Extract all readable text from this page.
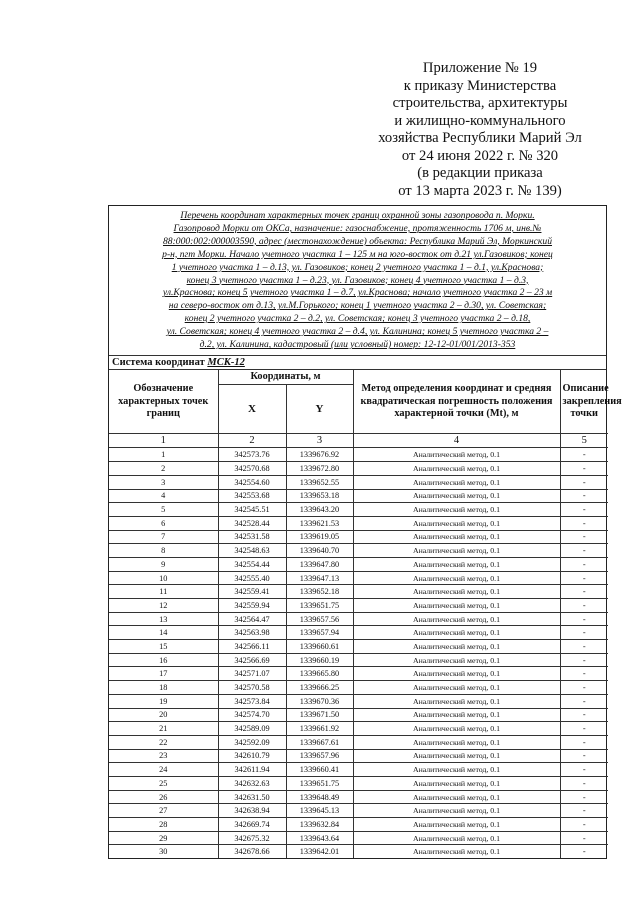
Приложение № 19
к приказу Министерства
строительства, архитектуры
и жилищно-коммунального
хозяйства Республики Марий Эл
от 24 июня 2022 г. № 320
(в редакции приказа
от 13 марта 2023 г. № 139)
Перечень координат характерных точек границ охранной зоны газопровода п. Морки.
Газопровод Морки от ОКСа, назначение: газоснабжение, протяженность 1706 м, инв.№
88:000:002:000003590, адрес (местонахождение) объекта: Республика Марий Эл, Моркинский
р-н, пгт Морки. Начало учетного участка 1 – 125 м на юго-восток от д.21 ул.Газовиков; конец
1 учетного участка 1 – д.13, ул. Газовиков; конец 2 учетного участка 1 – д.1, ул.Краснова;
конец 3 учетного участка 1 – д.23, ул. Газовиков; конец 4 учетного участка 1 – д.3,
ул.Краснова; конец 5 учетного участка 1 – д.7, ул.Краснова; начало учетного участка 2 – 23 м
на северо-восток от д.13, ул.М.Горького; конец 1 учетного участка 2 – д.30, ул. Советская;
конец 2 учетного участка 2 – д.2, ул. Советская; конец 3 учетного участка 2 – д.18,
ул. Советская; конец 4 учетного участка 2 – д.4, ул. Калинина; конец 5 учетного участка 2 –
д.2, ул. Калинина, кадастровый (или условный) номер: 12-12-01/001/2013-353
Система координат МСК-12
Обозначение характерных точек границ	Координаты, м		Метод определения координат и средняя квадратическая погрешность положения характерной точки (Mt), м	Описание закрепления точки
	X	Y		
1	2	3	4	5
1	342573.76	1339676.92	Аналитический метод, 0.1	-
2	342570.68	1339672.80	Аналитический метод, 0.1	-
3	342554.60	1339652.55	Аналитический метод, 0.1	-
4	342553.68	1339653.18	Аналитический метод, 0.1	-
5	342545.51	1339643.20	Аналитический метод, 0.1	-
6	342528.44	1339621.53	Аналитический метод, 0.1	-
7	342531.58	1339619.05	Аналитический метод, 0.1	-
8	342548.63	1339640.70	Аналитический метод, 0.1	-
9	342554.44	1339647.80	Аналитический метод, 0.1	-
10	342555.40	1339647.13	Аналитический метод, 0.1	-
11	342559.41	1339652.18	Аналитический метод, 0.1	-
12	342559.94	1339651.75	Аналитический метод, 0.1	-
13	342564.47	1339657.56	Аналитический метод, 0.1	-
14	342563.98	1339657.94	Аналитический метод, 0.1	-
15	342566.11	1339660.61	Аналитический метод, 0.1	-
16	342566.69	1339660.19	Аналитический метод, 0.1	-
17	342571.07	1339665.80	Аналитический метод, 0.1	-
18	342570.58	1339666.25	Аналитический метод, 0.1	-
19	342573.84	1339670.36	Аналитический метод, 0.1	-
20	342574.70	1339671.50	Аналитический метод, 0.1	-
21	342589.09	1339661.92	Аналитический метод, 0.1	-
22	342592.09	1339667.61	Аналитический метод, 0.1	-
23	342610.79	1339657.96	Аналитический метод, 0.1	-
24	342611.94	1339660.41	Аналитический метод, 0.1	-
25	342632.63	1339651.75	Аналитический метод, 0.1	-
26	342631.50	1339648.49	Аналитический метод, 0.1	-
27	342638.94	1339645.13	Аналитический метод, 0.1	-
28	342669.74	1339632.84	Аналитический метод, 0.1	-
29	342675.32	1339643.64	Аналитический метод, 0.1	-
30	342678.66	1339642.01	Аналитический метод, 0.1	-
